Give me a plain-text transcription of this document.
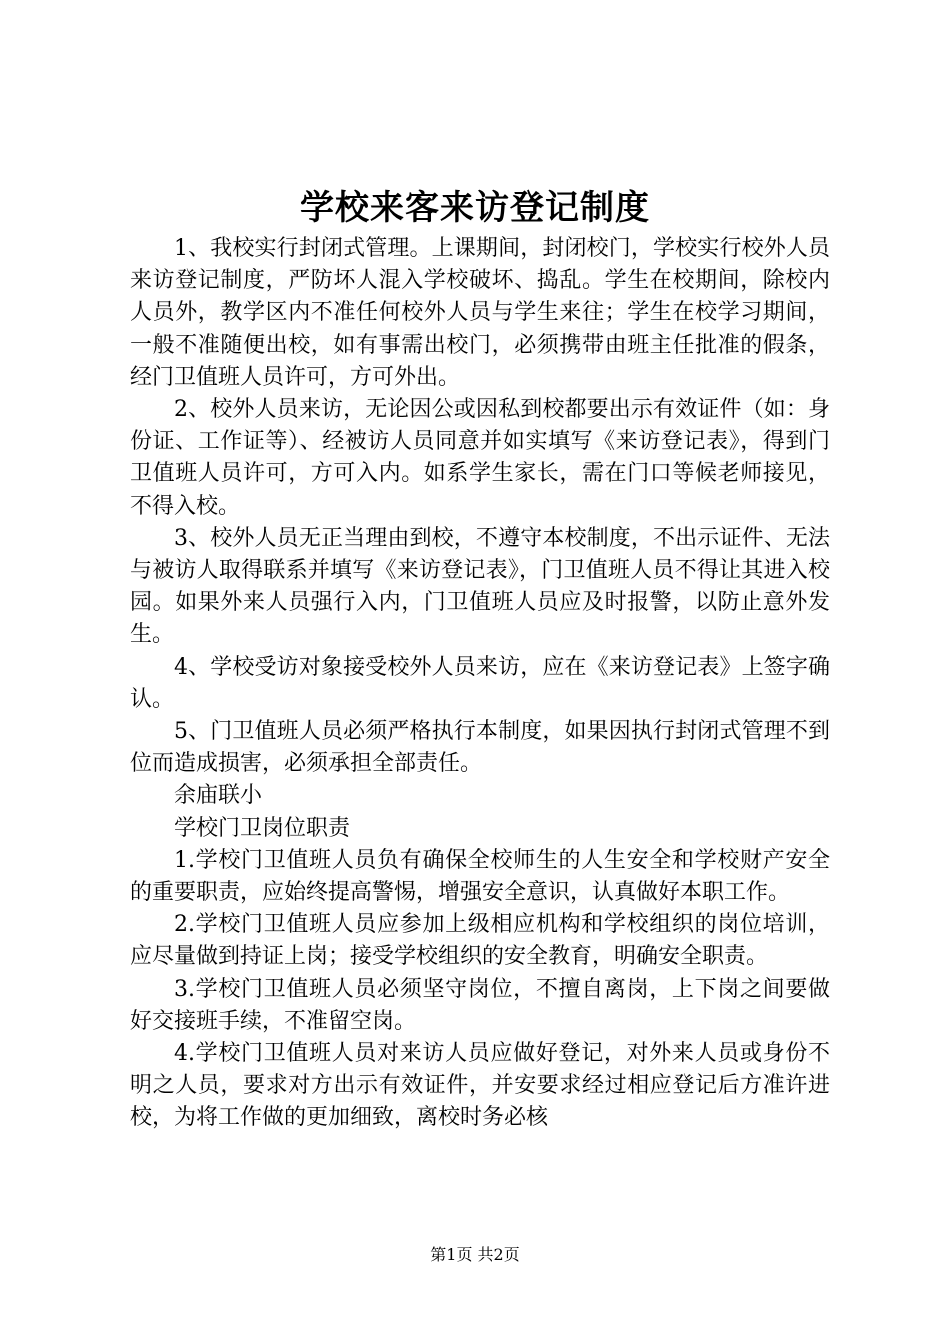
学校来客来访登记制度

1、我校实行封闭式管理。上课期间，封闭校门，学校实行校外人员来访登记制度，严防坏人混入学校破坏、捣乱。学生在校期间，除校内人员外，教学区内不准任何校外人员与学生来往；学生在校学习期间，一般不准随便出校，如有事需出校门，必须携带由班主任批准的假条，经门卫值班人员许可，方可外出。

2、校外人员来访，无论因公或因私到校都要出示有效证件（如：身份证、工作证等）、经被访人员同意并如实填写《来访登记表》，得到门卫值班人员许可，方可入内。如系学生家长，需在门口等候老师接见，不得入校。

3、校外人员无正当理由到校，不遵守本校制度，不出示证件、无法与被访人取得联系并填写《来访登记表》，门卫值班人员不得让其进入校园。如果外来人员强行入内，门卫值班人员应及时报警，以防止意外发生。

4、学校受访对象接受校外人员来访，应在《来访登记表》上签字确认。

5、门卫值班人员必须严格执行本制度，如果因执行封闭式管理不到位而造成损害，必须承担全部责任。

余庙联小

学校门卫岗位职责

1.学校门卫值班人员负有确保全校师生的人生安全和学校财产安全的重要职责，应始终提高警惕，增强安全意识，认真做好本职工作。

2.学校门卫值班人员应参加上级相应机构和学校组织的岗位培训，应尽量做到持证上岗；接受学校组织的安全教育，明确安全职责。

3.学校门卫值班人员必须坚守岗位，不擅自离岗，上下岗之间要做好交接班手续，不准留空岗。

4.学校门卫值班人员对来访人员应做好登记，对外来人员或身份不明之人员，要求对方出示有效证件，并安要求经过相应登记后方准许进校，为将工作做的更加细致，离校时务必核

第1页 共2页
